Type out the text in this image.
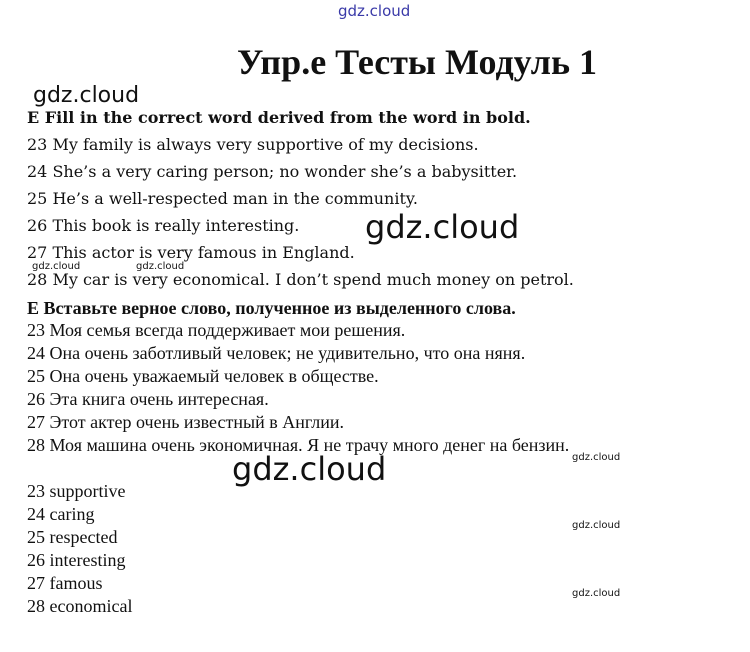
gdz.cloud
Упр.е Тесты Модуль 1
gdz.cloud
E Fill in the correct word derived from the word in bold.
23 My family is always very supportive of my decisions.
24 She’s a very caring person; no wonder she’s a babysitter.
25 He’s a well-respected man in the community.
26 This book is really interesting.
27 This actor is very famous in England.
28 My car is very economical. I don’t spend much money on petrol.
gdz.cloud
gdz.cloud	gdz.cloud
Е Вставьте верное слово, полученное из выделенного слова.
23 Моя семья всегда поддерживает мои решения.
24 Она очень заботливый человек; не удивительно, что она няня.
25 Она очень уважаемый человек в обществе.
26 Эта книга очень интересная.
27 Этот актер очень известный в Англии.
28 Моя машина очень экономичная. Я не трачу много денег на бензин.
gdz.cloud	gdz.cloud
23 supportive
24 caring
25 respected
26 interesting
27 famous
28 economical
gdz.cloud
gdz.cloud
